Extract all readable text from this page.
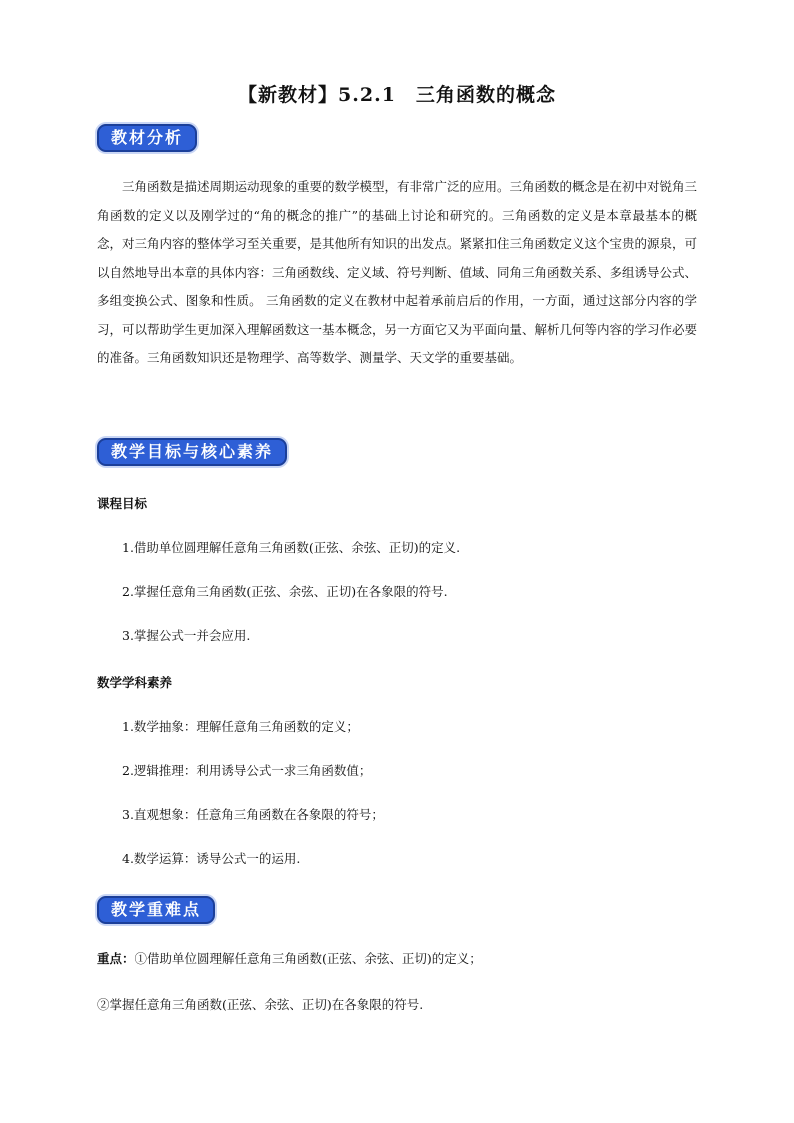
【新教材】5.2.1　三角函数的概念
教材分析
三角函数是描述周期运动现象的重要的数学模型，有非常广泛的应用。三角函数的概念是在初中对锐角三角函数的定义以及刚学过的“角的概念的推广”的基础上讨论和研究的。三角函数的定义是本章最基本的概念，对三角内容的整体学习至关重要，是其他所有知识的出发点。紧紧扣住三角函数定义这个宝贵的源泉，可以自然地导出本章的具体内容：三角函数线、定义域、符号判断、值域、同角三角函数关系、多组诱导公式、多组变换公式、图象和性质。 三角函数的定义在教材中起着承前启后的作用，一方面，通过这部分内容的学习，可以帮助学生更加深入理解函数这一基本概念，另一方面它又为平面向量、解析几何等内容的学习作必要的准备。三角函数知识还是物理学、高等数学、测量学、天文学的重要基础。
教学目标与核心素养
课程目标
1.借助单位圆理解任意角三角函数(正弦、余弦、正切)的定义.
2.掌握任意角三角函数(正弦、余弦、正切)在各象限的符号.
3.掌握公式一并会应用.
数学学科素养
1.数学抽象：理解任意角三角函数的定义；
2.逻辑推理：利用诱导公式一求三角函数值；
3.直观想象：任意角三角函数在各象限的符号；
4.数学运算：诱导公式一的运用.
教学重难点
重点：①借助单位圆理解任意角三角函数(正弦、余弦、正切)的定义；
②掌握任意角三角函数(正弦、余弦、正切)在各象限的符号.
